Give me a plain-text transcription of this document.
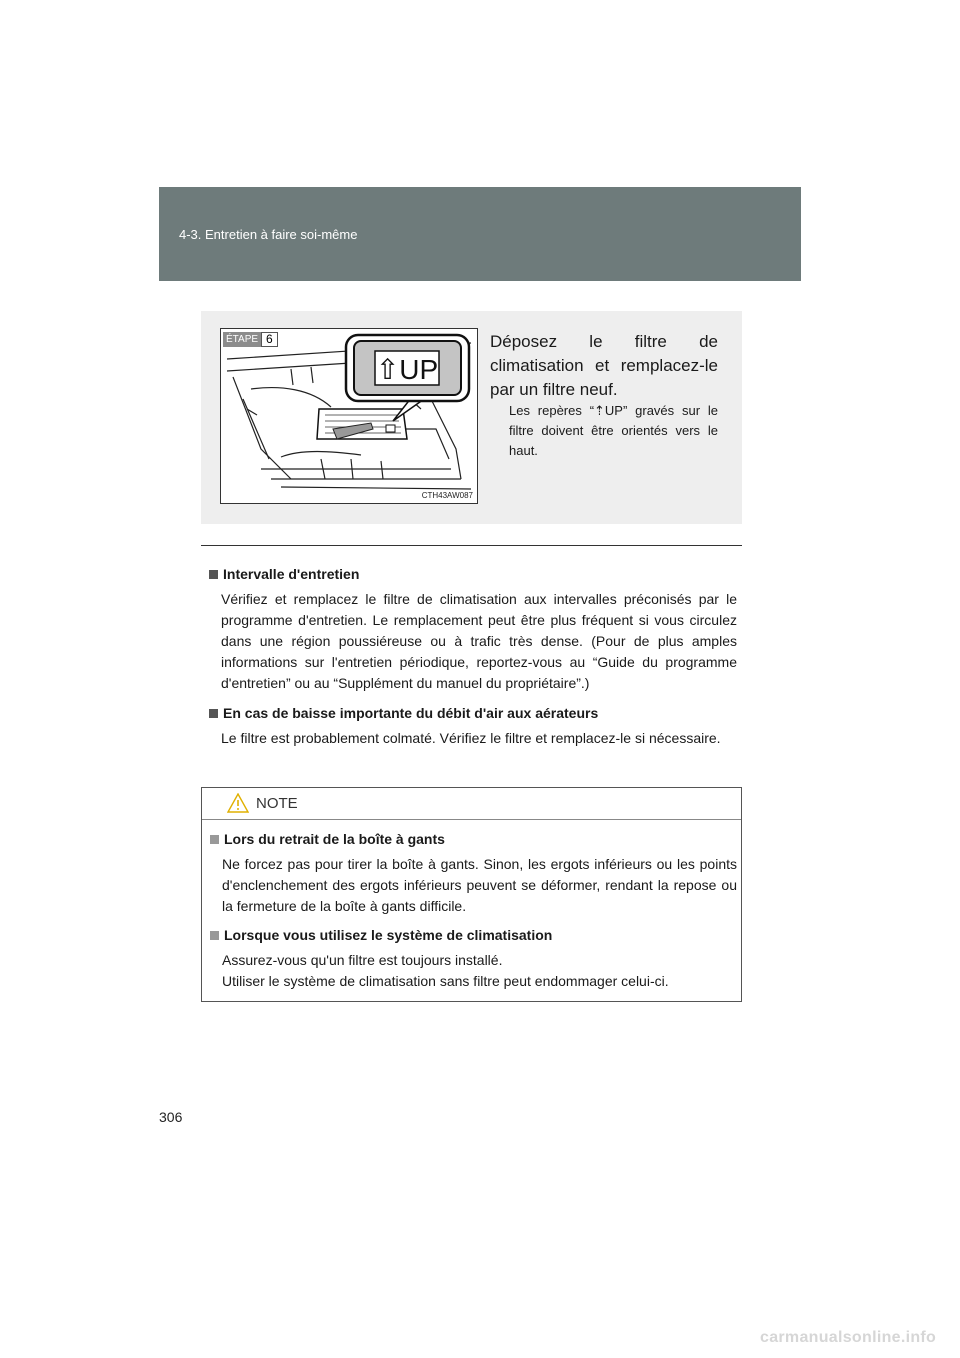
4-3. Entretien à faire soi-même
⇧UP
ÉTAPE 6
CTH43AW087
Déposez le filtre de climatisation et remplacez-le par un filtre neuf.
Les repères “⇡UP” gravés sur le filtre doivent être orientés vers le haut.
Intervalle d'entretien

Vérifiez et remplacez le filtre de climatisation aux intervalles préconisés par le programme d'entretien. Le remplacement peut être plus fréquent si vous circulez dans une région poussiéreuse ou à trafic très dense. (Pour de plus amples informations sur l'entretien périodique, reportez-vous au “Guide du programme d'entretien” ou au “Supplément du manuel du propriétaire”.)

En cas de baisse importante du débit d'air aux aérateurs

Le filtre est probablement colmaté. Vérifiez le filtre et remplacez-le si nécessaire.

NOTE
Lors du retrait de la boîte à gants

Ne forcez pas pour tirer la boîte à gants. Sinon, les ergots inférieurs ou les points d'enclenchement des ergots inférieurs peuvent se déformer, rendant la repose ou la fermeture de la boîte à gants difficile.

Lorsque vous utilisez le système de climatisation

Assurez-vous qu'un filtre est toujours installé.
Utiliser le système de climatisation sans filtre peut endommager celui-ci.

306
carmanualsonline.info
